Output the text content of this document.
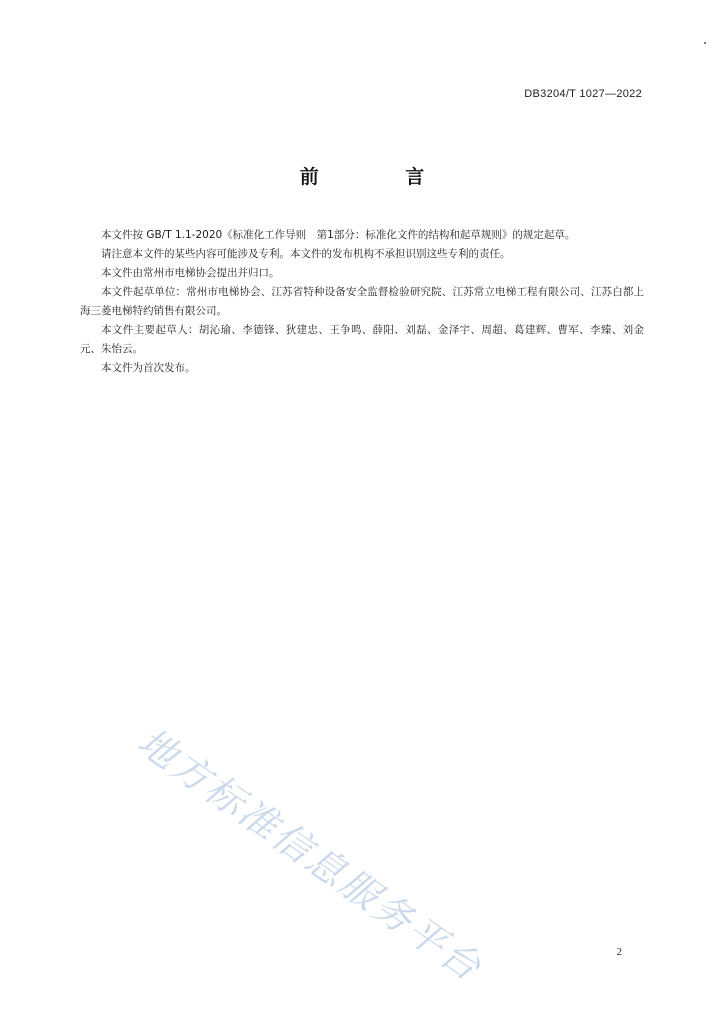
DB3204/T 1027—2022
前 言

本文件按 GB/T 1.1-2020《标准化工作导则　第1部分：标准化文件的结构和起草规则》的规定起草。

请注意本文件的某些内容可能涉及专利。本文件的发布机构不承担识别这些专利的责任。

本文件由常州市电梯协会提出并归口。

本文件起草单位：常州市电梯协会、江苏省特种设备安全监督检验研究院、江苏常立电梯工程有限公司、江苏白都上海三菱电梯特约销售有限公司。

本文件主要起草人：胡沁瑜、李德锋、狄建忠、王争鸣、薛阳、刘磊、金泽宇、周超、葛建辉、曹军、李臻、刘金元、朱怡云。

本文件为首次发布。

地方标准信息服务平台	2
